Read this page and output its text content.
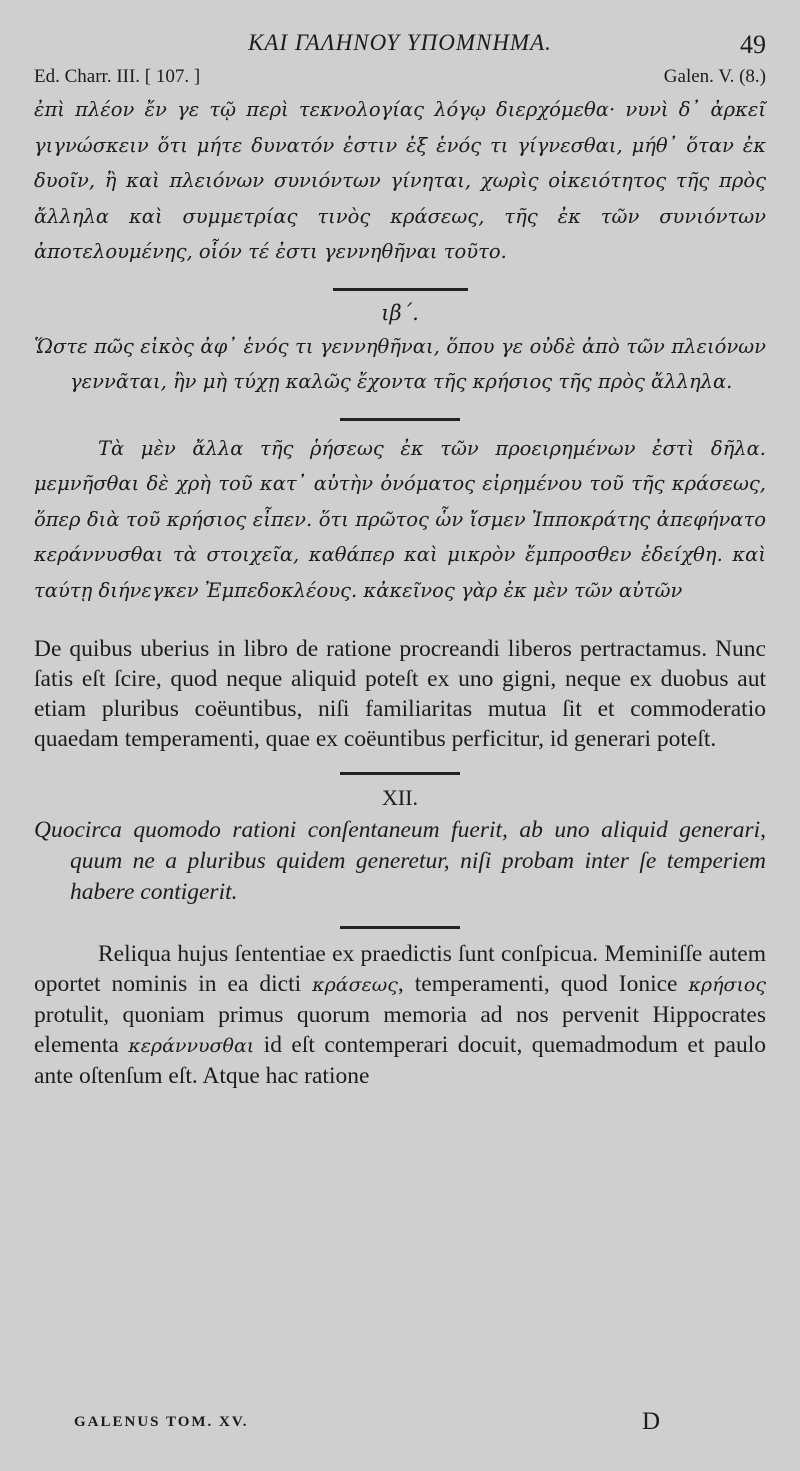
ΚΑΙ ΓΑΛΗΝΟΥ ΥΠΟΜΝΗΜΑ.	49
Ed. Charr. III. [ 107. ]	Galen. V. (8.)

ἐπὶ πλέον ἔν γε τῷ περὶ τεκνολογίας λόγῳ διερχόμεθα· νυνὶ δ᾽ ἀρκεῖ γιγνώσκειν ὅτι μήτε δυνατόν ἐστιν ἐξ ἑνός τι γίγνεσθαι, μήθ᾽ ὅταν ἐκ δυοῖν, ἢ καὶ πλειόνων συνιόντων γίνηται, χωρὶς οἰκειότητος τῆς πρὸς ἄλληλα καὶ συμμετρίας τινὸς κράσεως, τῆς ἐκ τῶν συνιόντων ἀποτελουμένης, οἷόν τέ ἐστι γεννηθῆναι τοῦτο.

ιβ΄.

Ὥστε πῶς εἰκὸς ἀφ᾽ ἑνός τι γεννηθῆναι, ὅπου γε οὐδὲ ἀπὸ τῶν πλειόνων γεννᾶται, ἢν μὴ τύχῃ καλῶς ἔχοντα τῆς κρήσιος τῆς πρὸς ἄλληλα.

Τὰ μὲν ἄλλα τῆς ῥήσεως ἐκ τῶν προειρημένων ἐστὶ δῆλα. μεμνῆσθαι δὲ χρὴ τοῦ κατ᾽ αὐτὴν ὀνόματος εἰρημένου τοῦ τῆς κράσεως, ὅπερ διὰ τοῦ κρήσιος εἶπεν. ὅτι πρῶτος ὧν ἴσμεν Ἱπποκράτης ἀπεφήνατο κεράννυσθαι τὰ στοιχεῖα, καθάπερ καὶ μικρὸν ἔμπροσθεν ἐδείχθη. καὶ ταύτῃ διήνεγκεν Ἐμπεδοκλέους. κἀκεῖνος γὰρ ἐκ μὲν τῶν αὐτῶν

De quibus uberius in libro de ratione procreandi liberos pertractamus. Nunc ſatis eſt ſcire, quod neque aliquid poteſt ex uno gigni, neque ex duobus aut etiam pluribus coëuntibus, niſi familiaritas mutua ſit et commoderatio quaedam temperamenti, quae ex coëuntibus perficitur, id generari poteſt.

XII.

Quocirca quomodo rationi conſentaneum fuerit, ab uno aliquid generari, quum ne a pluribus quidem generetur, niſi probam inter ſe temperiem habere contigerit.

Reliqua hujus ſententiae ex praedictis ſunt conſpicua. Meminiſſe autem oportet nominis in ea dicti κράσεως, temperamenti, quod Ionice κρήσιος protulit, quoniam primus quorum memoria ad nos pervenit Hippocrates elementa κεράννυσθαι id eſt contemperari docuit, quemadmodum et paulo ante oſtenſum eſt. Atque hac ratione

GALENUS TOM. XV.	D
